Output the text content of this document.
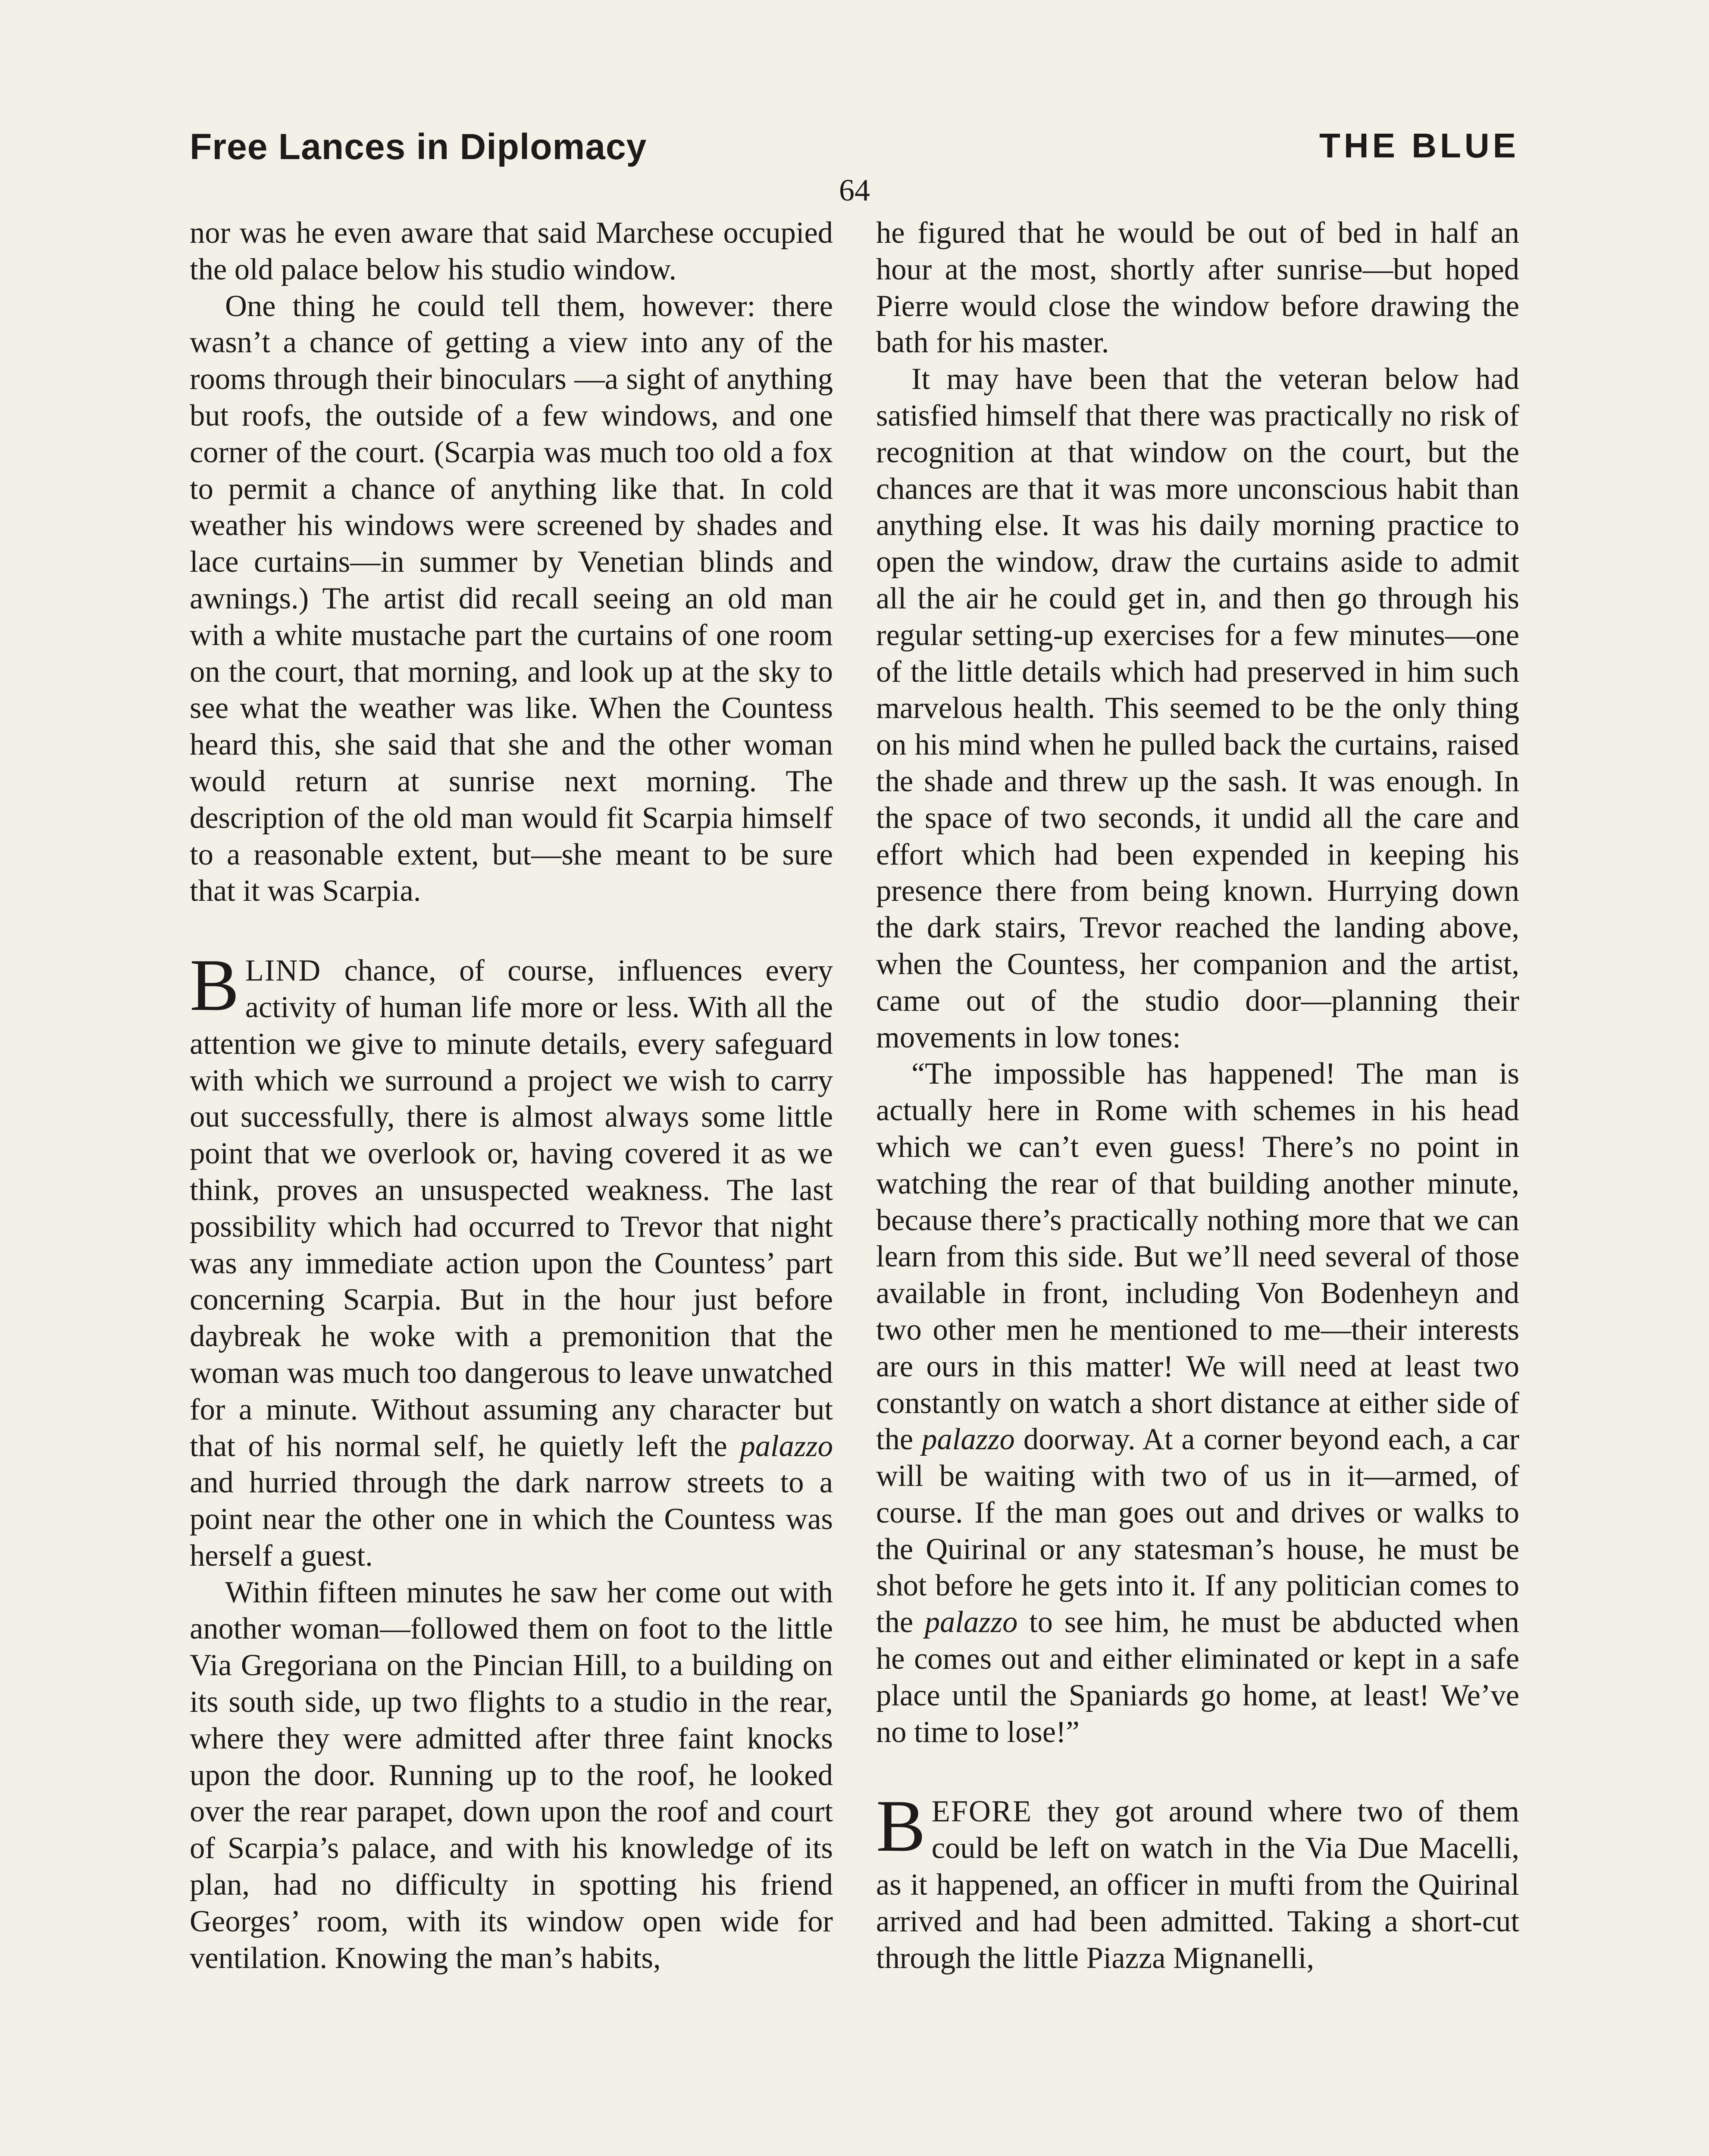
Free Lances in Diplomacy	THE BLUE
64

nor was he even aware that said Marchese occupied the old palace below his studio window.

One thing he could tell them, however: there wasn’t a chance of getting a view into any of the rooms through their binoculars —a sight of anything but roofs, the outside of a few windows, and one corner of the court. (Scarpia was much too old a fox to permit a chance of anything like that. In cold weather his windows were screened by shades and lace curtains—in summer by Venetian blinds and awnings.) The artist did recall seeing an old man with a white mustache part the curtains of one room on the court, that morning, and look up at the sky to see what the weather was like. When the Countess heard this, she said that she and the other woman would return at sunrise next morning. The description of the old man would fit Scarpia himself to a reasonable extent, but—she meant to be sure that it was Scarpia.

BLIND chance, of course, influences every activity of human life more or less. With all the attention we give to minute details, every safeguard with which we surround a project we wish to carry out successfully, there is almost always some little point that we overlook or, having covered it as we think, proves an unsuspected weakness. The last possibility which had occurred to Trevor that night was any immediate action upon the Countess’ part concerning Scarpia. But in the hour just before daybreak he woke with a premonition that the woman was much too dangerous to leave unwatched for a minute. Without assuming any character but that of his normal self, he quietly left the palazzo and hurried through the dark narrow streets to a point near the other one in which the Countess was herself a guest.

Within fifteen minutes he saw her come out with another woman—followed them on foot to the little Via Gregoriana on the Pincian Hill, to a building on its south side, up two flights to a studio in the rear, where they were admitted after three faint knocks upon the door. Running up to the roof, he looked over the rear parapet, down upon the roof and court of Scarpia’s palace, and with his knowledge of its plan, had no difficulty in spotting his friend Georges’ room, with its window open wide for ventilation. Knowing the man’s habits,

he figured that he would be out of bed in half an hour at the most, shortly after sunrise—but hoped Pierre would close the window before drawing the bath for his master.

It may have been that the veteran below had satisfied himself that there was practically no risk of recognition at that window on the court, but the chances are that it was more unconscious habit than anything else. It was his daily morning practice to open the window, draw the curtains aside to admit all the air he could get in, and then go through his regular setting-up exercises for a few minutes—one of the little details which had preserved in him such marvelous health. This seemed to be the only thing on his mind when he pulled back the curtains, raised the shade and threw up the sash. It was enough. In the space of two seconds, it undid all the care and effort which had been expended in keeping his presence there from being known. Hurrying down the dark stairs, Trevor reached the landing above, when the Countess, her companion and the artist, came out of the studio door—planning their movements in low tones:

“The impossible has happened! The man is actually here in Rome with schemes in his head which we can’t even guess! There’s no point in watching the rear of that building another minute, because there’s practically nothing more that we can learn from this side. But we’ll need several of those available in front, including Von Bodenheyn and two other men he mentioned to me—their interests are ours in this matter! We will need at least two constantly on watch a short distance at either side of the palazzo doorway. At a corner beyond each, a car will be waiting with two of us in it—armed, of course. If the man goes out and drives or walks to the Quirinal or any statesman’s house, he must be shot before he gets into it. If any politician comes to the palazzo to see him, he must be abducted when he comes out and either eliminated or kept in a safe place until the Spaniards go home, at least! We’ve no time to lose!”

BEFORE they got around where two of them could be left on watch in the Via Due Macelli, as it happened, an officer in mufti from the Quirinal arrived and had been admitted. Taking a short-cut through the little Piazza Mignanelli,
